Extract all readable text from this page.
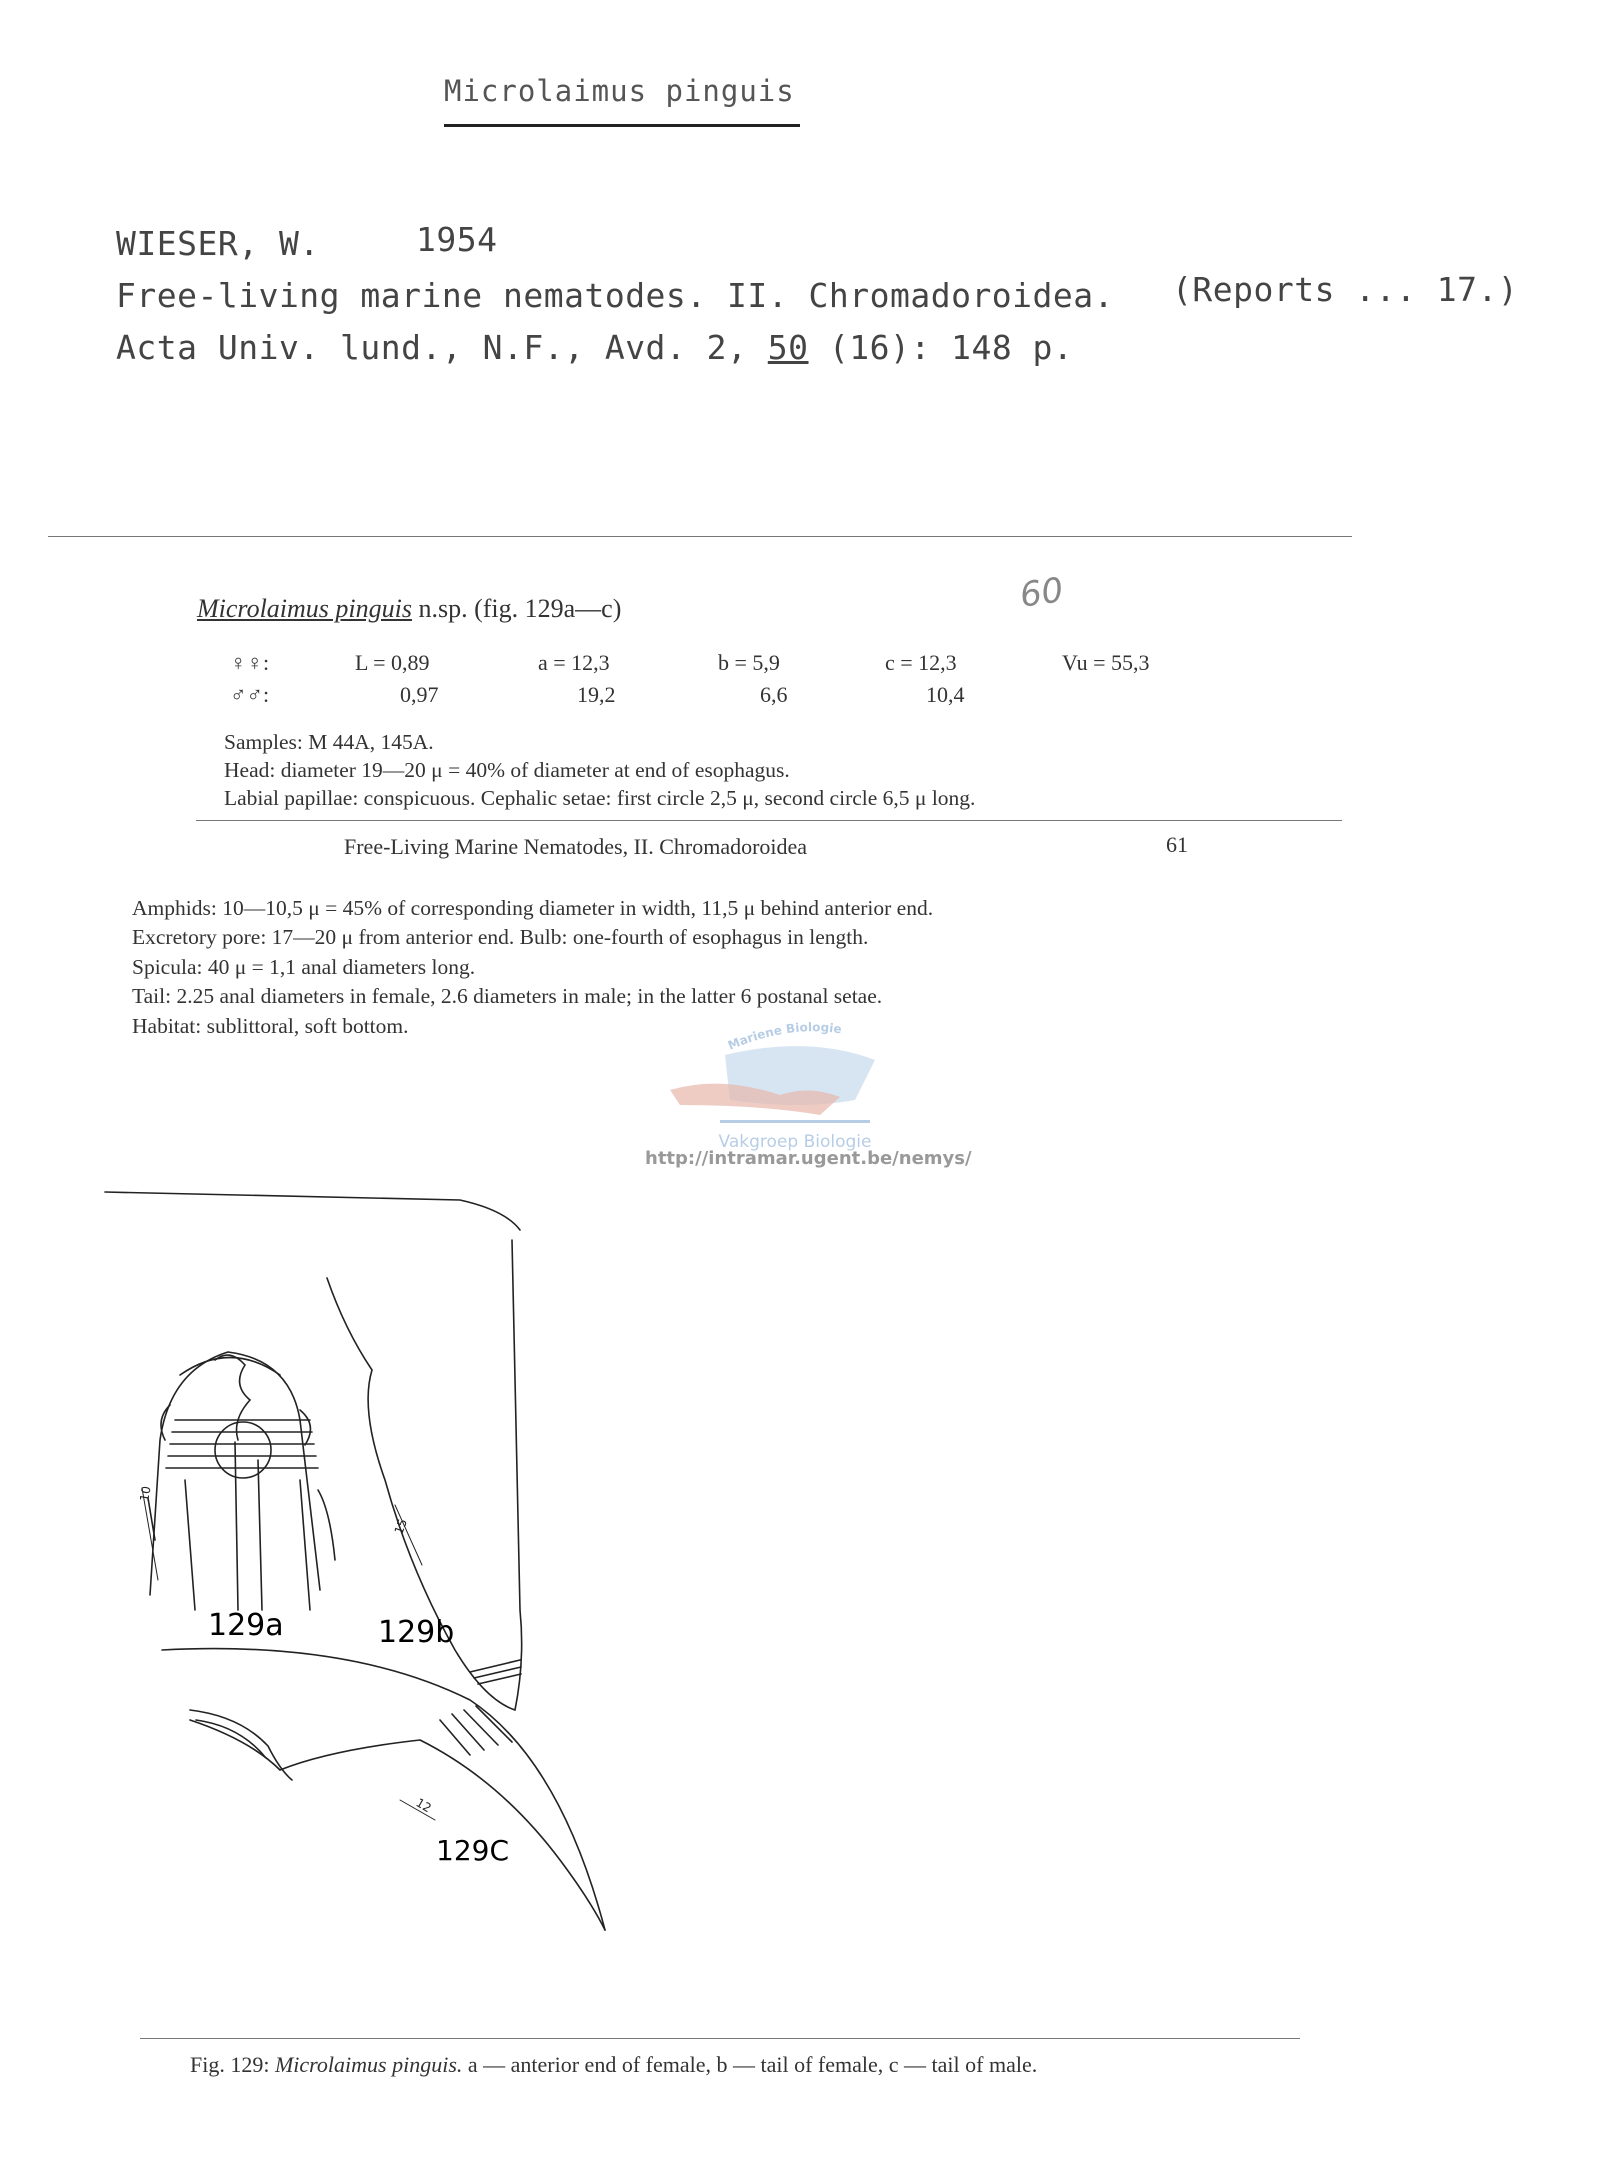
Microlaimus pinguis
WIESER, W.	1954
Free-living marine nematodes. II. Chromadoroidea. (Reports ... 17.)
Acta Univ. lund., N.F., Avd. 2, 50 (16): 148 p.
Microlaimus pinguis n.sp. (fig. 129a—c)	60
♀♀:	L = 0,89	a = 12,3	b = 5,9	c = 12,3	Vu = 55,3
♂♂:	0,97	19,2	6,6	10,4
Samples: M 44A, 145A.
Head: diameter 19—20 μ = 40% of diameter at end of esophagus.
Labial papillae: conspicuous. Cephalic setae: first circle 2,5 μ, second circle 6,5 μ long.
Free-Living Marine Nematodes, II. Chromadoroidea	61
Amphids: 10—10,5 μ = 45% of corresponding diameter in width, 11,5 μ behind anterior end.
Excretory pore: 17—20 μ from anterior end. Bulb: one-fourth of esophagus in length.
Spicula: 40 μ = 1,1 anal diameters long.
Tail: 2.25 anal diameters in female, 2.6 diameters in male; in the latter 6 postanal setae.
Habitat: sublittoral, soft bottom.
Mariene Biologie
Vakgroep Biologie
http://intramar.ugent.be/nemys/
10
15
12
129a	129b
129C
Fig. 129: Microlaimus pinguis. a — anterior end of female, b — tail of female, c — tail of male.
